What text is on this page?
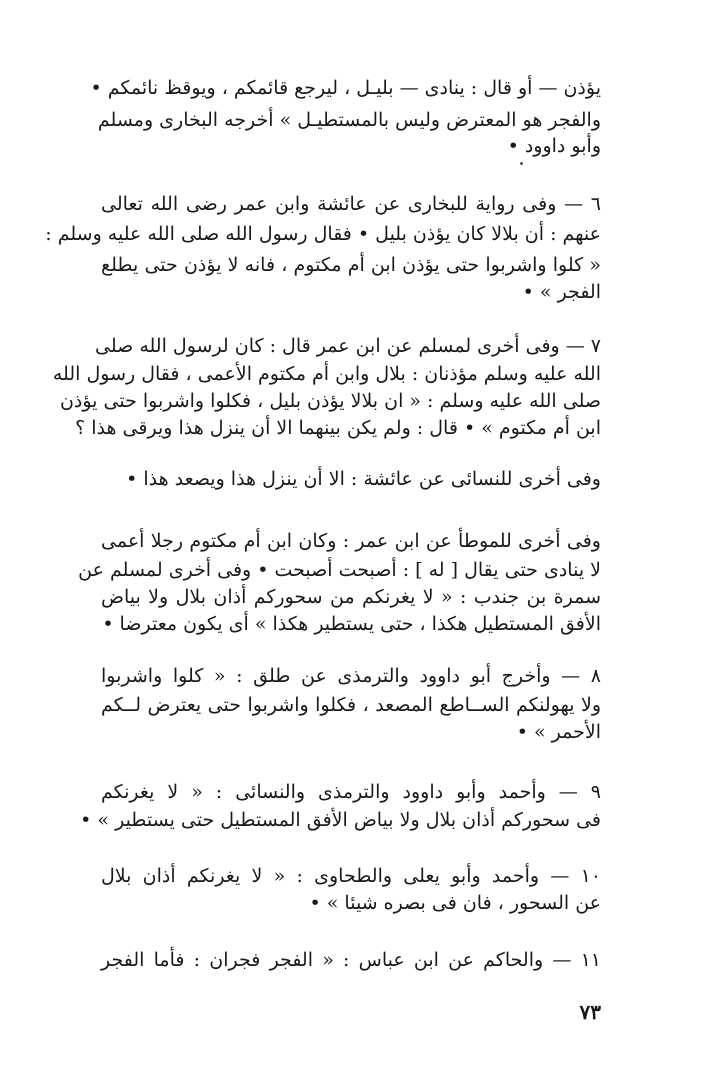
يؤذن — أو قال : ينادى — بليـل ، ليرجع قائمكم ، ويوقظ نائمكم •
والفجر هو المعترض وليس بالمستطيـل » أخرجه البخارى ومسلم
وأبو داوود •
٦ — وفى رواية للبخارى عن عائشة وابن عمر رضى الله تعالى
عنهم : أن بلالا كان يؤذن بليل • فقال رسول الله صلى الله عليه وسلم :
« كلوا واشربوا حتى يؤذن ابن أم مكتوم ، فانه لا يؤذن حتى يطلع
الفجر » •
٧ — وفى أخرى لمسلم عن ابن عمر قال : كان لرسول الله صلى
الله عليه وسلم مؤذنان : بلال وابن أم مكتوم الأعمى ، فقال رسول الله
صلى الله عليه وسلم : « ان بلالا يؤذن بليل ، فكلوا واشربوا حتى يؤذن
ابن أم مكتوم » • قال : ولم يكن بينهما الا أن ينزل هذا ويرقى هذا ؟
وفى أخرى للنسائى عن عائشة : الا أن ينزل هذا ويصعد هذا •
وفى أخرى للموطأ عن ابن عمر : وكان ابن أم مكتوم رجلا أعمى
لا ينادى حتى يقال [ له ] : أصبحت أصبحت • وفى أخرى لمسلم عن
سمرة بن جندب : « لا يغرنكم من سحوركم أذان بلال ولا بياض
الأفق المستطيل هكذا ، حتى يستطير هكذا » أى يكون معترضا •
٨ — وأخرج أبو داوود والترمذى عن طلق : « كلوا واشربوا
ولا يهولنكم الســاطع المصعد ، فكلوا واشربوا حتى يعترض لــكم
الأحمر » •
٩ — وأحمد وأبو داوود والترمذى والنسائى : « لا يغرنكم
فى سحوركم أذان بلال ولا بياض الأفق المستطيل حتى يستطير » •
١٠ — وأحمد وأبو يعلى والطحاوى : « لا يغرنكم أذان بلال
عن السحور ، فان فى بصره شيئا » •
١١ — والحاكم عن ابن عباس : « الفجر فجران : فأما الفجر
٧٣
